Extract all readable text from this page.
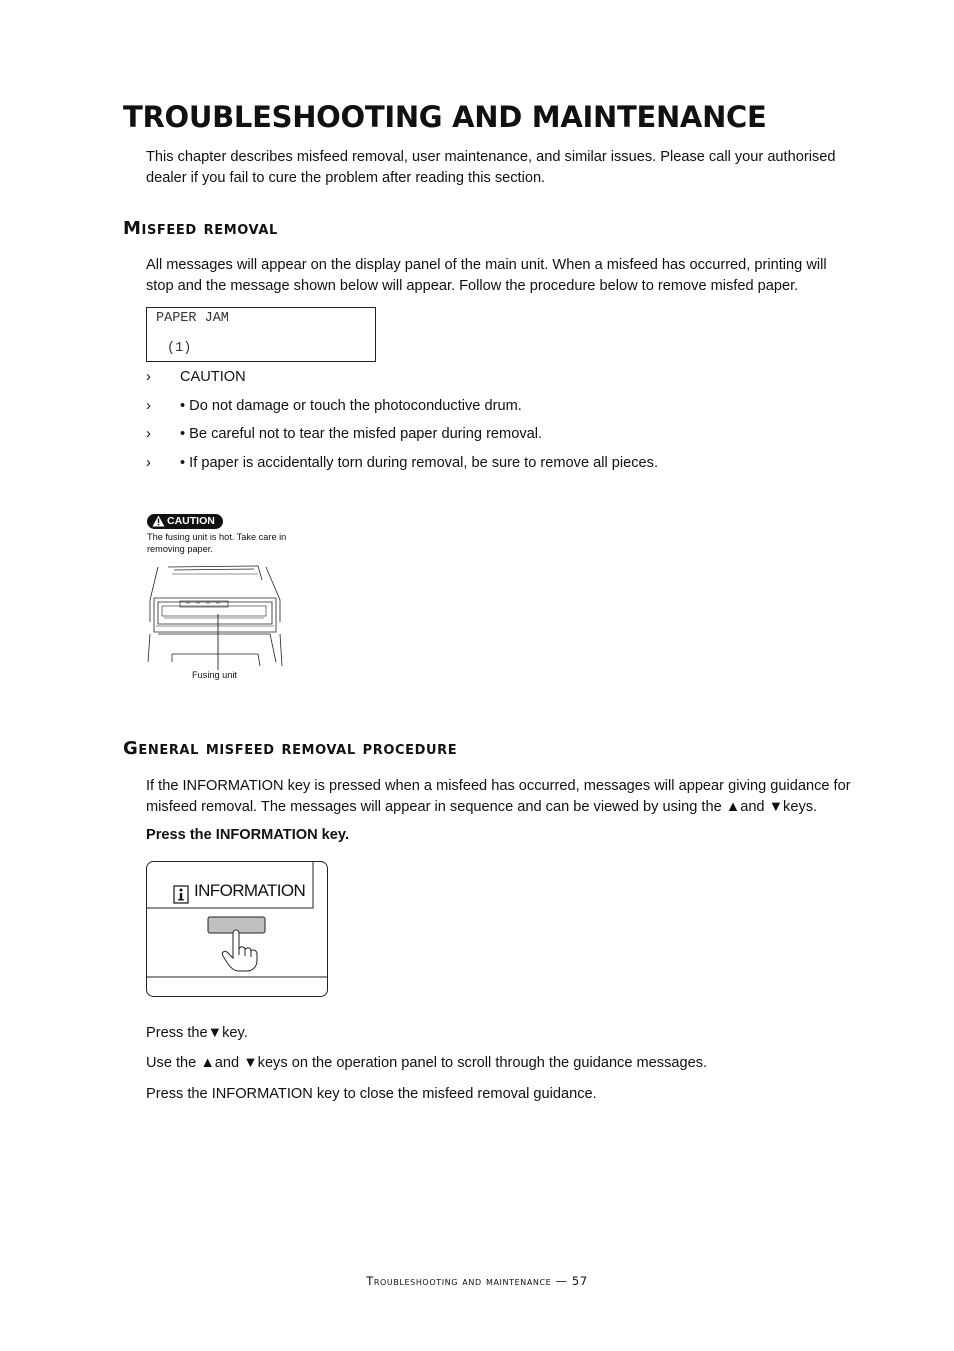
TROUBLESHOOTING AND MAINTENANCE

This chapter describes misfeed removal, user maintenance, and similar issues. Please call your authorised dealer if you fail to cure the problem after reading this section.

Misfeed removal

All messages will appear on the display panel of the main unit. When a misfeed has occurred, printing will stop and the message shown below will appear. Follow the procedure below to remove misfed paper.

PAPER JAM
(1)
›	CAUTION
›	• Do not damage or touch the photoconductive drum.
›	• Be careful not to tear the misfed paper during removal.
›	• If paper is accidentally torn during removal, be sure to remove all pieces.
CAUTION
The fusing unit is hot. Take care in removing paper.
Fusing unit
General misfeed removal procedure

If the INFORMATION key is pressed when a misfeed has occurred, messages will appear giving guidance for misfeed removal. The messages will appear in sequence and can be viewed by using the ▲and ▼keys.

Press the INFORMATION key.

INFORMATION

Press the▼key.

Use the ▲and ▼keys on the operation panel to scroll through the guidance messages.

Press the INFORMATION key to close the misfeed removal guidance.

Troubleshooting and maintenance — 57
